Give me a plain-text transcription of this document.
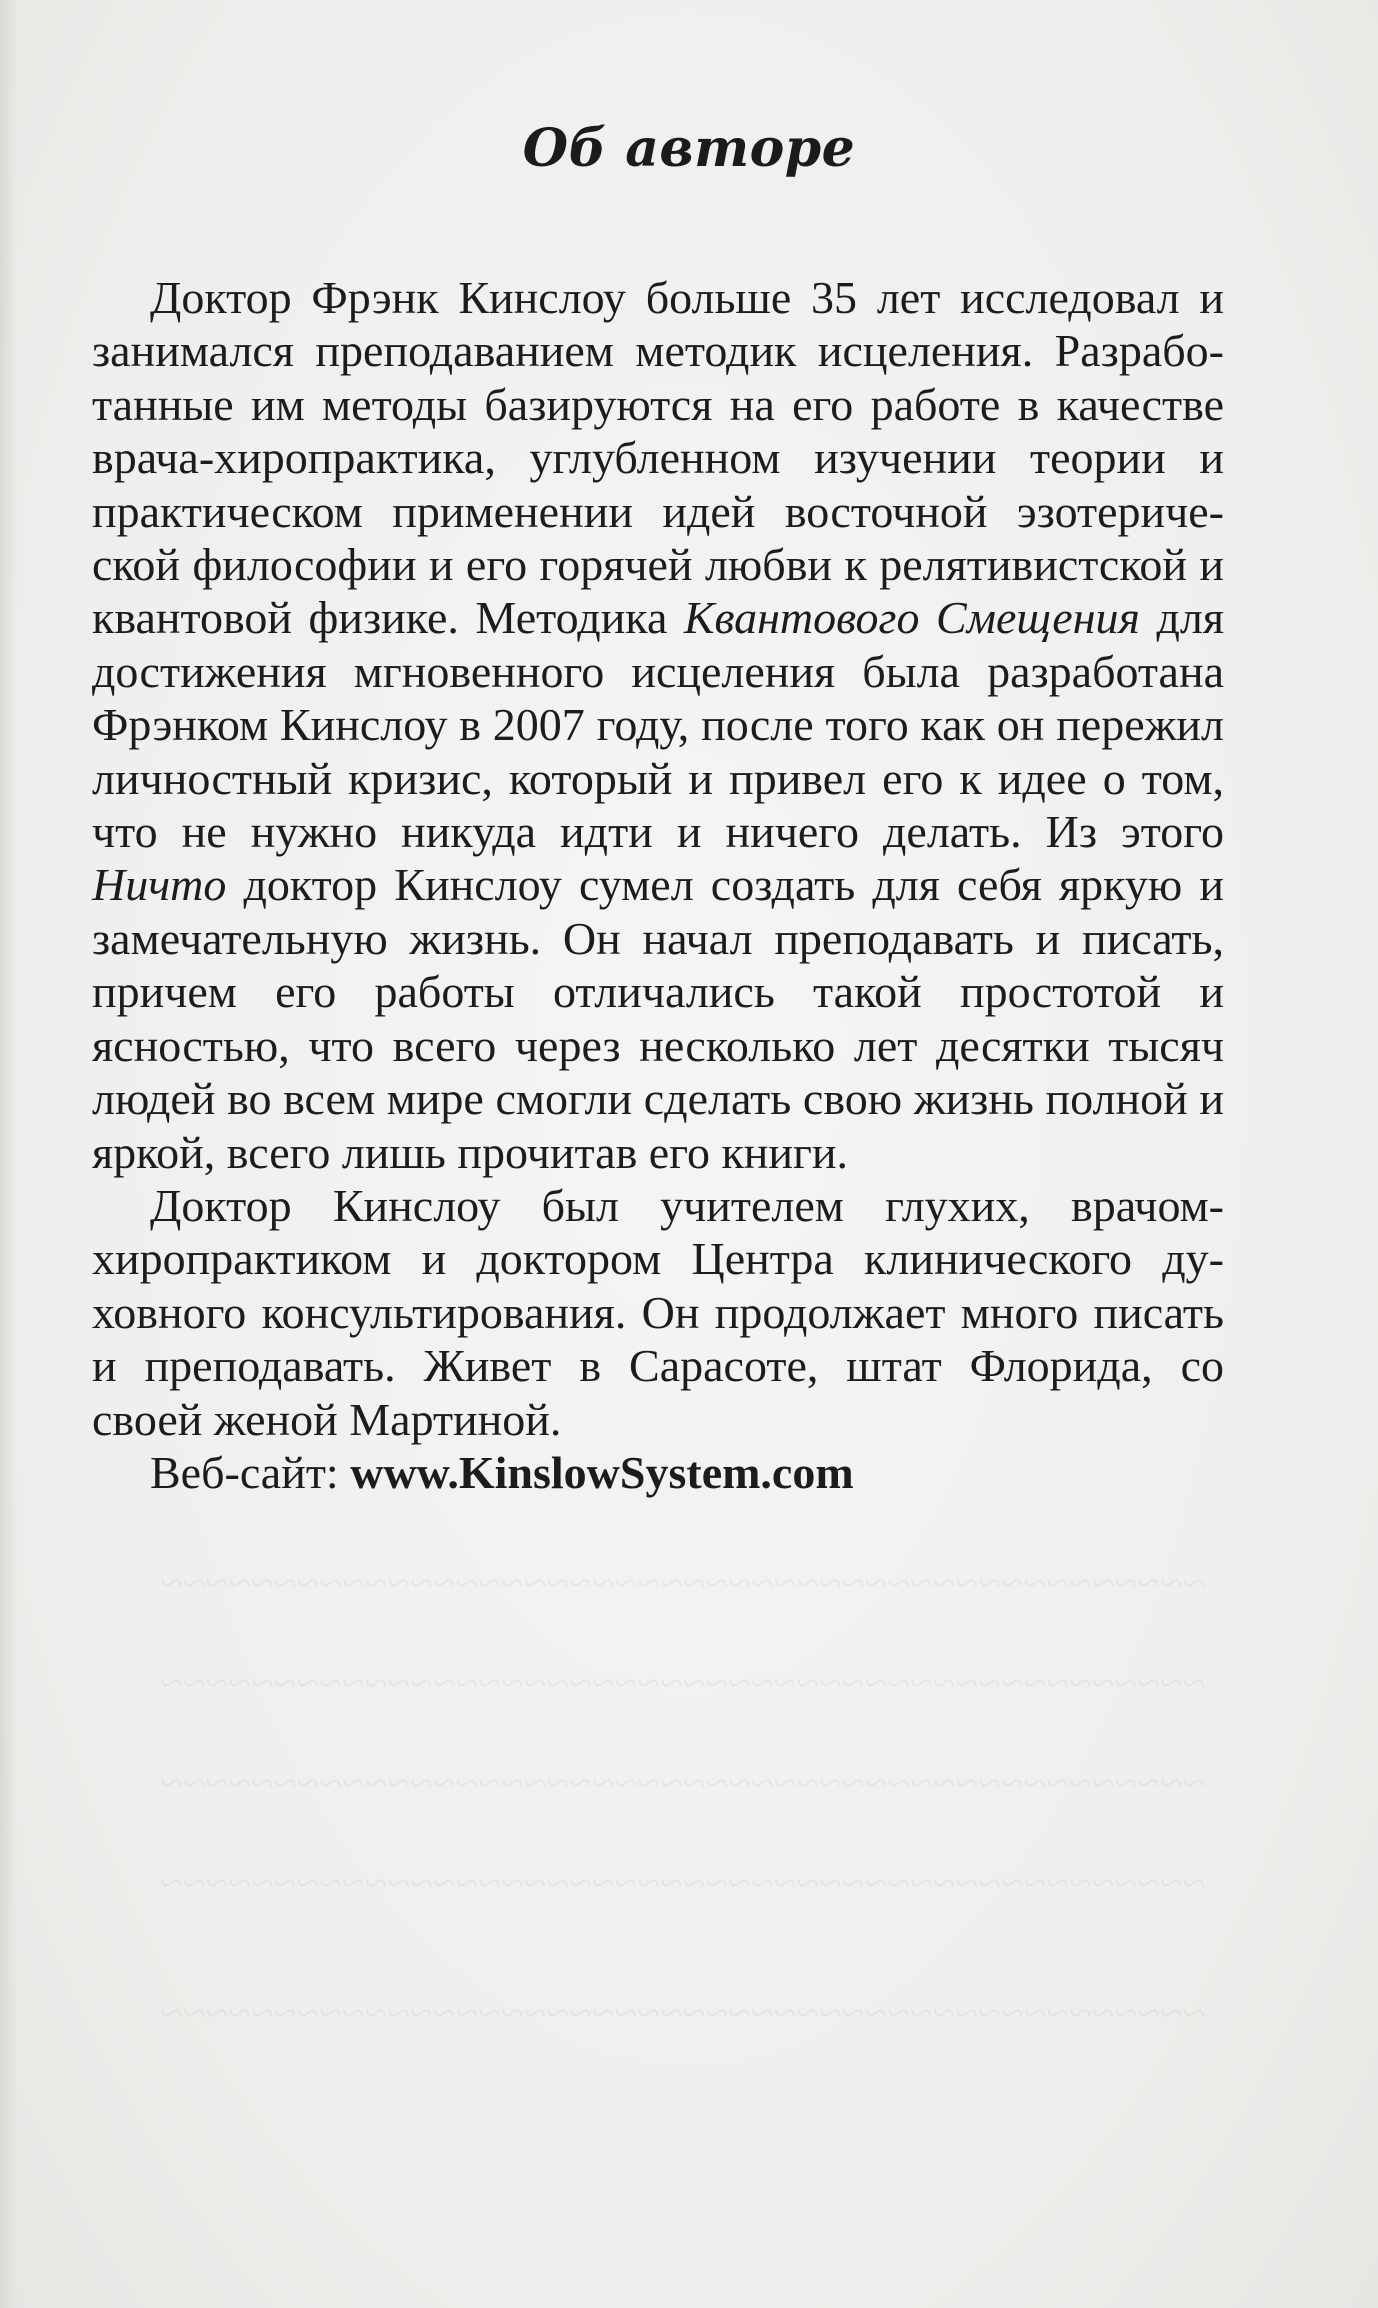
Об авторе

Доктор Фрэнк Кинслоу больше 35 лет исследовал и занимался преподаванием методик исцеления. Разработанные им методы базируются на его работе в качестве врача-хиропрактика, углубленном изучении теории и практическом применении идей восточной эзотерической философии и его горячей любви к релятивистской и квантовой физике. Методика Квантового Смещения для достижения мгновенного исцеления была разработана Фрэнком Кинслоу в 2007 году, после того как он пережил личностный кризис, который и привел его к идее о том, что не нужно никуда идти и ничего делать. Из этого Ничто доктор Кинслоу сумел создать для себя яркую и замечательную жизнь. Он начал преподавать и писать, причем его работы отличались такой простотой и ясностью, что всего через несколько лет десятки тысяч людей во всем мире смогли сделать свою жизнь полной и яркой, всего лишь прочитав его книги.

Доктор Кинслоу был учителем глухих, врачом-хиропрактиком и доктором Центра клинического духовного консультирования. Он продолжает много писать и преподавать. Живет в Сарасоте, штат Флорида, со своей женой Мартиной.

Веб-сайт: www.KinslowSystem.com
